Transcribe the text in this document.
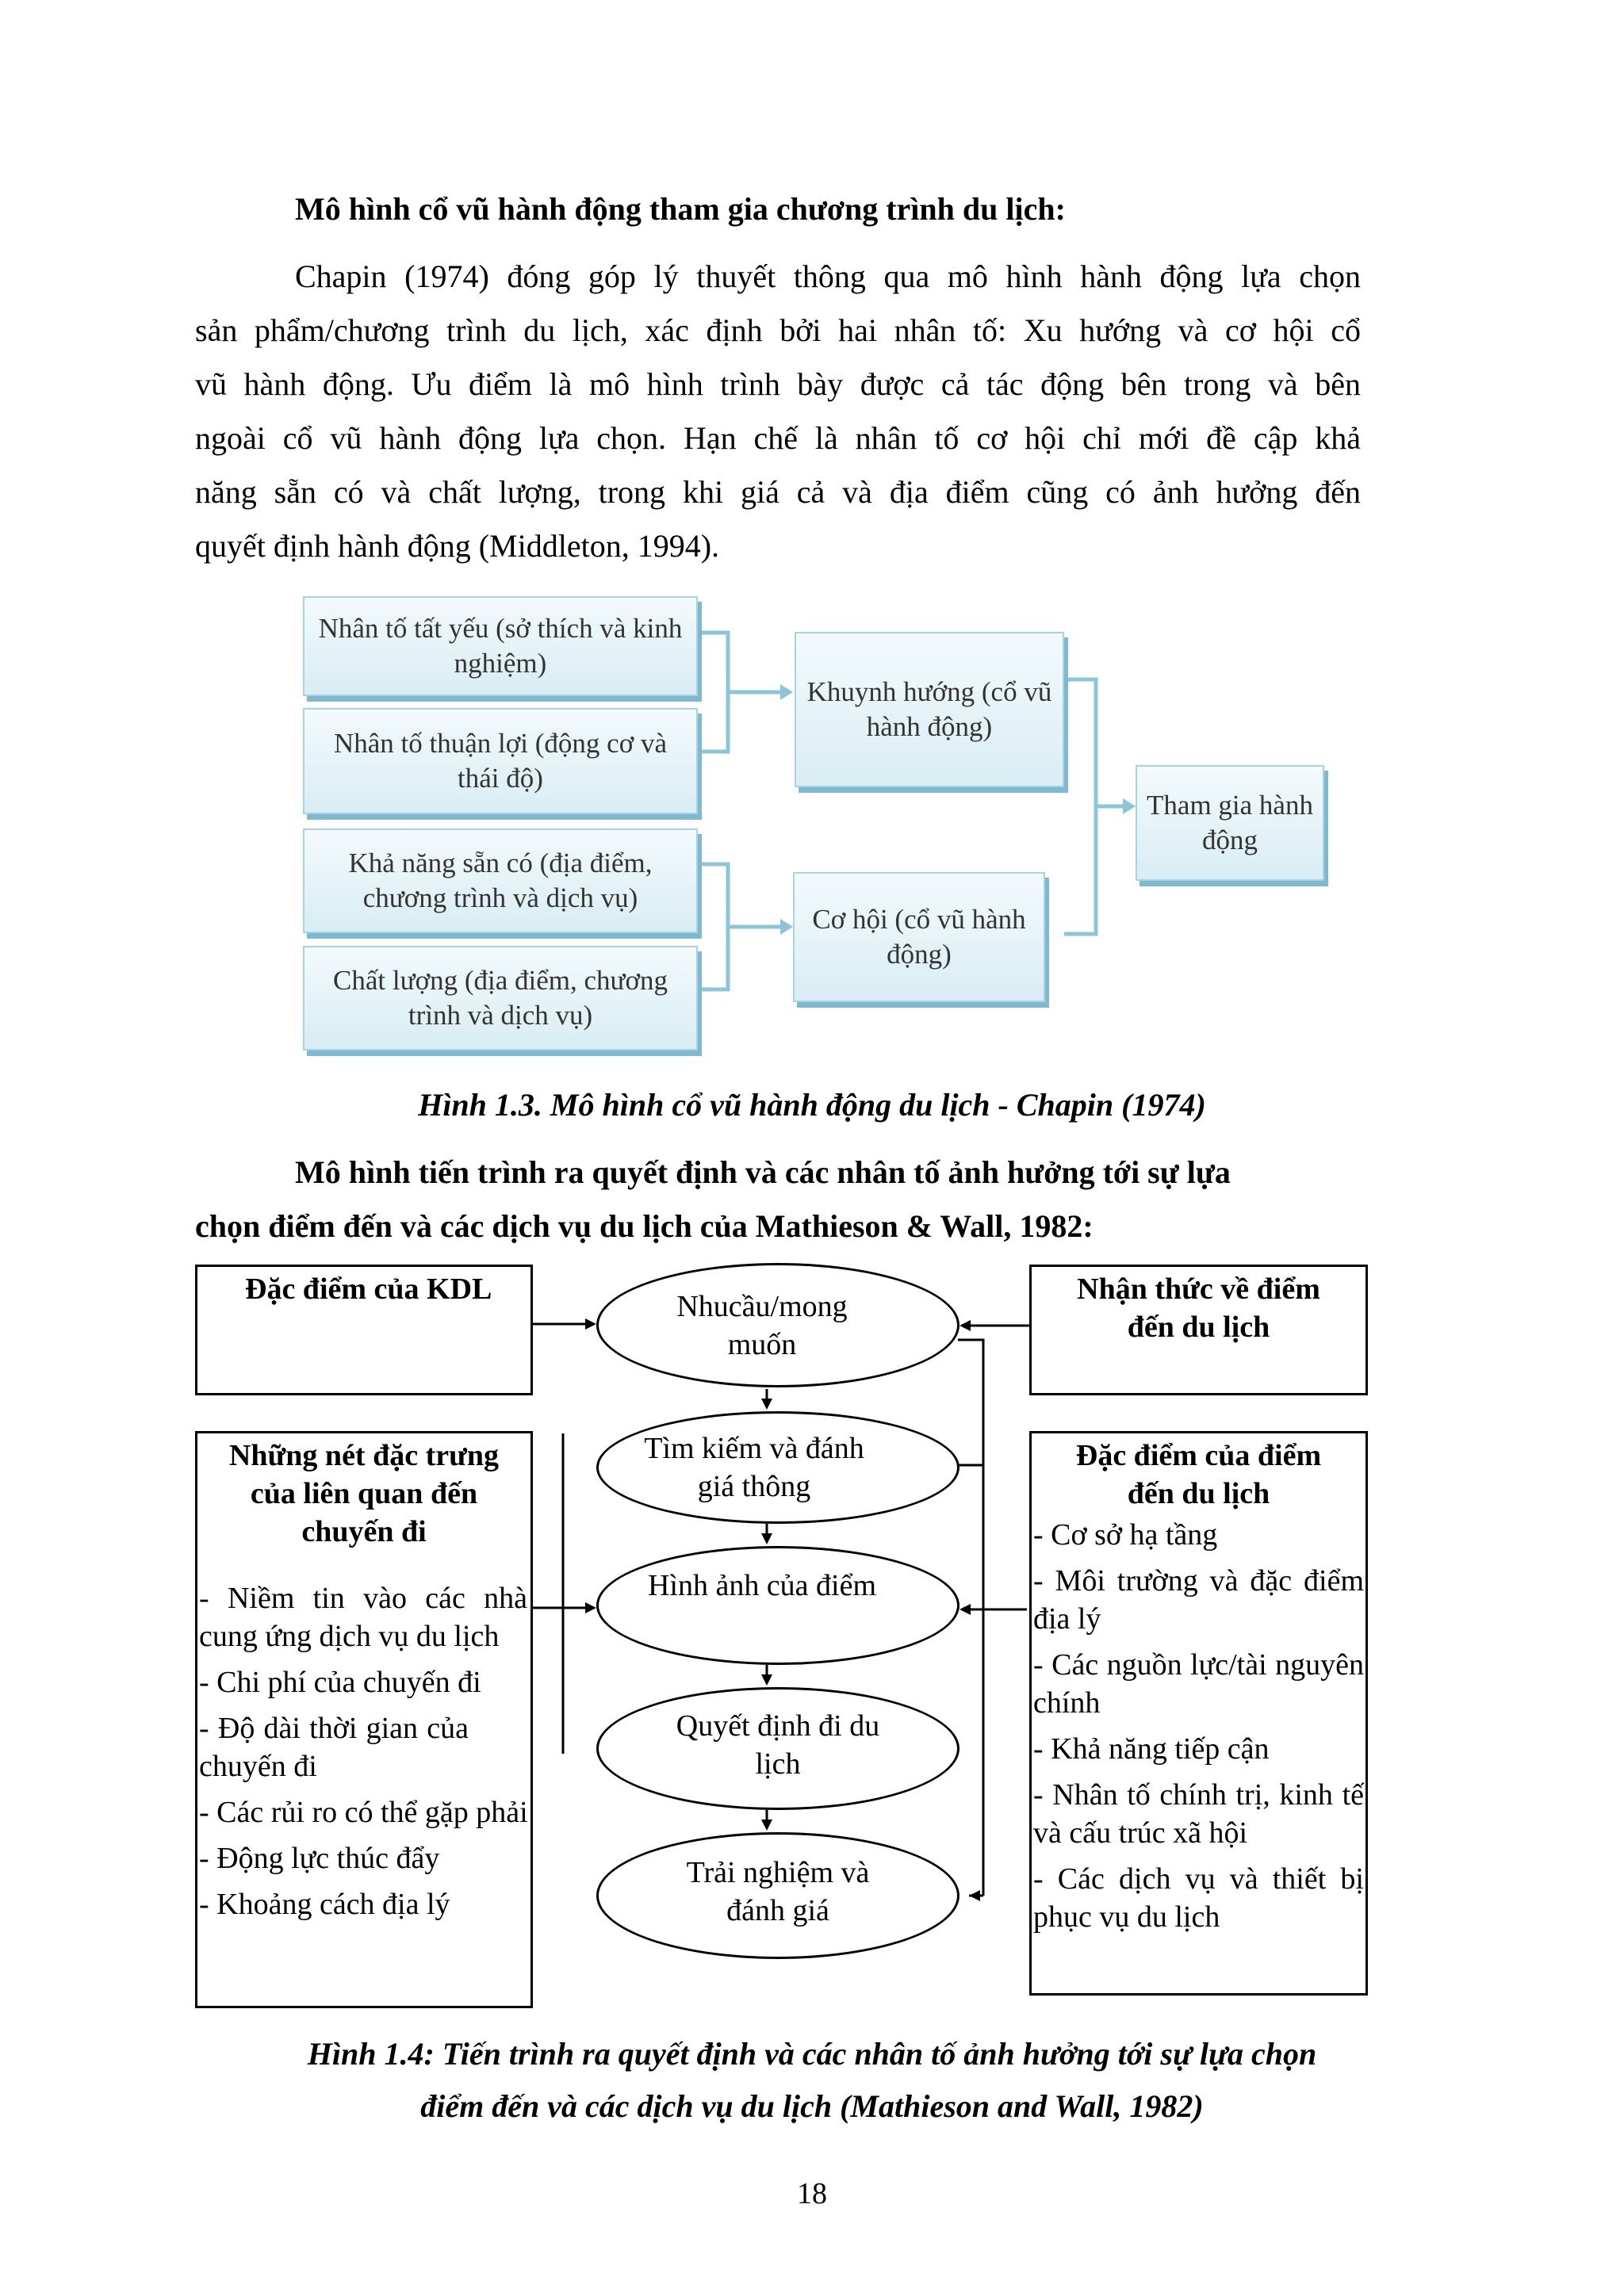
Mô hình cổ vũ hành động tham gia chương trình du lịch:
Chapin (1974) đóng góp lý thuyết thông qua mô hình hành động lựa chọn
sản phẩm/chương trình du lịch, xác định bởi hai nhân tố: Xu hướng và cơ hội cổ
vũ hành động. Ưu điểm là mô hình trình bày được cả tác động bên trong và bên
ngoài cổ vũ hành động lựa chọn. Hạn chế là nhân tố cơ hội chỉ mới đề cập khả
năng sẵn có và chất lượng, trong khi giá cả và địa điểm cũng có ảnh hưởng đến
quyết định hành động (Middleton, 1994).
Nhân tố tất yếu (sở thích và kinh nghiệm)
Nhân tố thuận lợi (động cơ và thái độ)
Khả năng sẵn có (địa điểm, chương trình và dịch vụ)
Chất lượng (địa điểm, chương trình và dịch vụ)
Khuynh hướng (cổ vũ hành động)
Cơ hội (cổ vũ hành động)
Tham gia hành động
Hình 1.3. Mô hình cổ vũ hành động du lịch - Chapin (1974)
Mô hình tiến trình ra quyết định và các nhân tố ảnh hưởng tới sự lựa
chọn điểm đến và các dịch vụ du lịch của Mathieson & Wall, 1982:
Đặc điểm của KDL	Nhận thức về điểm đến du lịch
Những nét đặc trưng của liên quan đến chuyến đi
- Niềm tin vào các nhà cung ứng dịch vụ du lịch
- Chi phí của chuyến đi
- Độ dài thời gian của chuyến đi
- Các rủi ro có thể gặp phải
- Động lực thúc đẩy
- Khoảng cách địa lý
Đặc điểm của điểm đến du lịch
- Cơ sở hạ tầng
- Môi trường và đặc điểm địa lý
- Các nguồn lực/tài nguyên chính
- Khả năng tiếp cận
- Nhân tố chính trị, kinh tế và cấu trúc xã hội
- Các dịch vụ và thiết bị phục vụ du lịch
Nhucầu/mong muốn
Tìm kiếm và đánh giá thông
Hình ảnh của điểm
Quyết định đi du lịch
Trải nghiệm và đánh giá
Hình 1.4: Tiến trình ra quyết định và các nhân tố ảnh hưởng tới sự lựa chọn
điểm đến và các dịch vụ du lịch (Mathieson and Wall, 1982)
18
